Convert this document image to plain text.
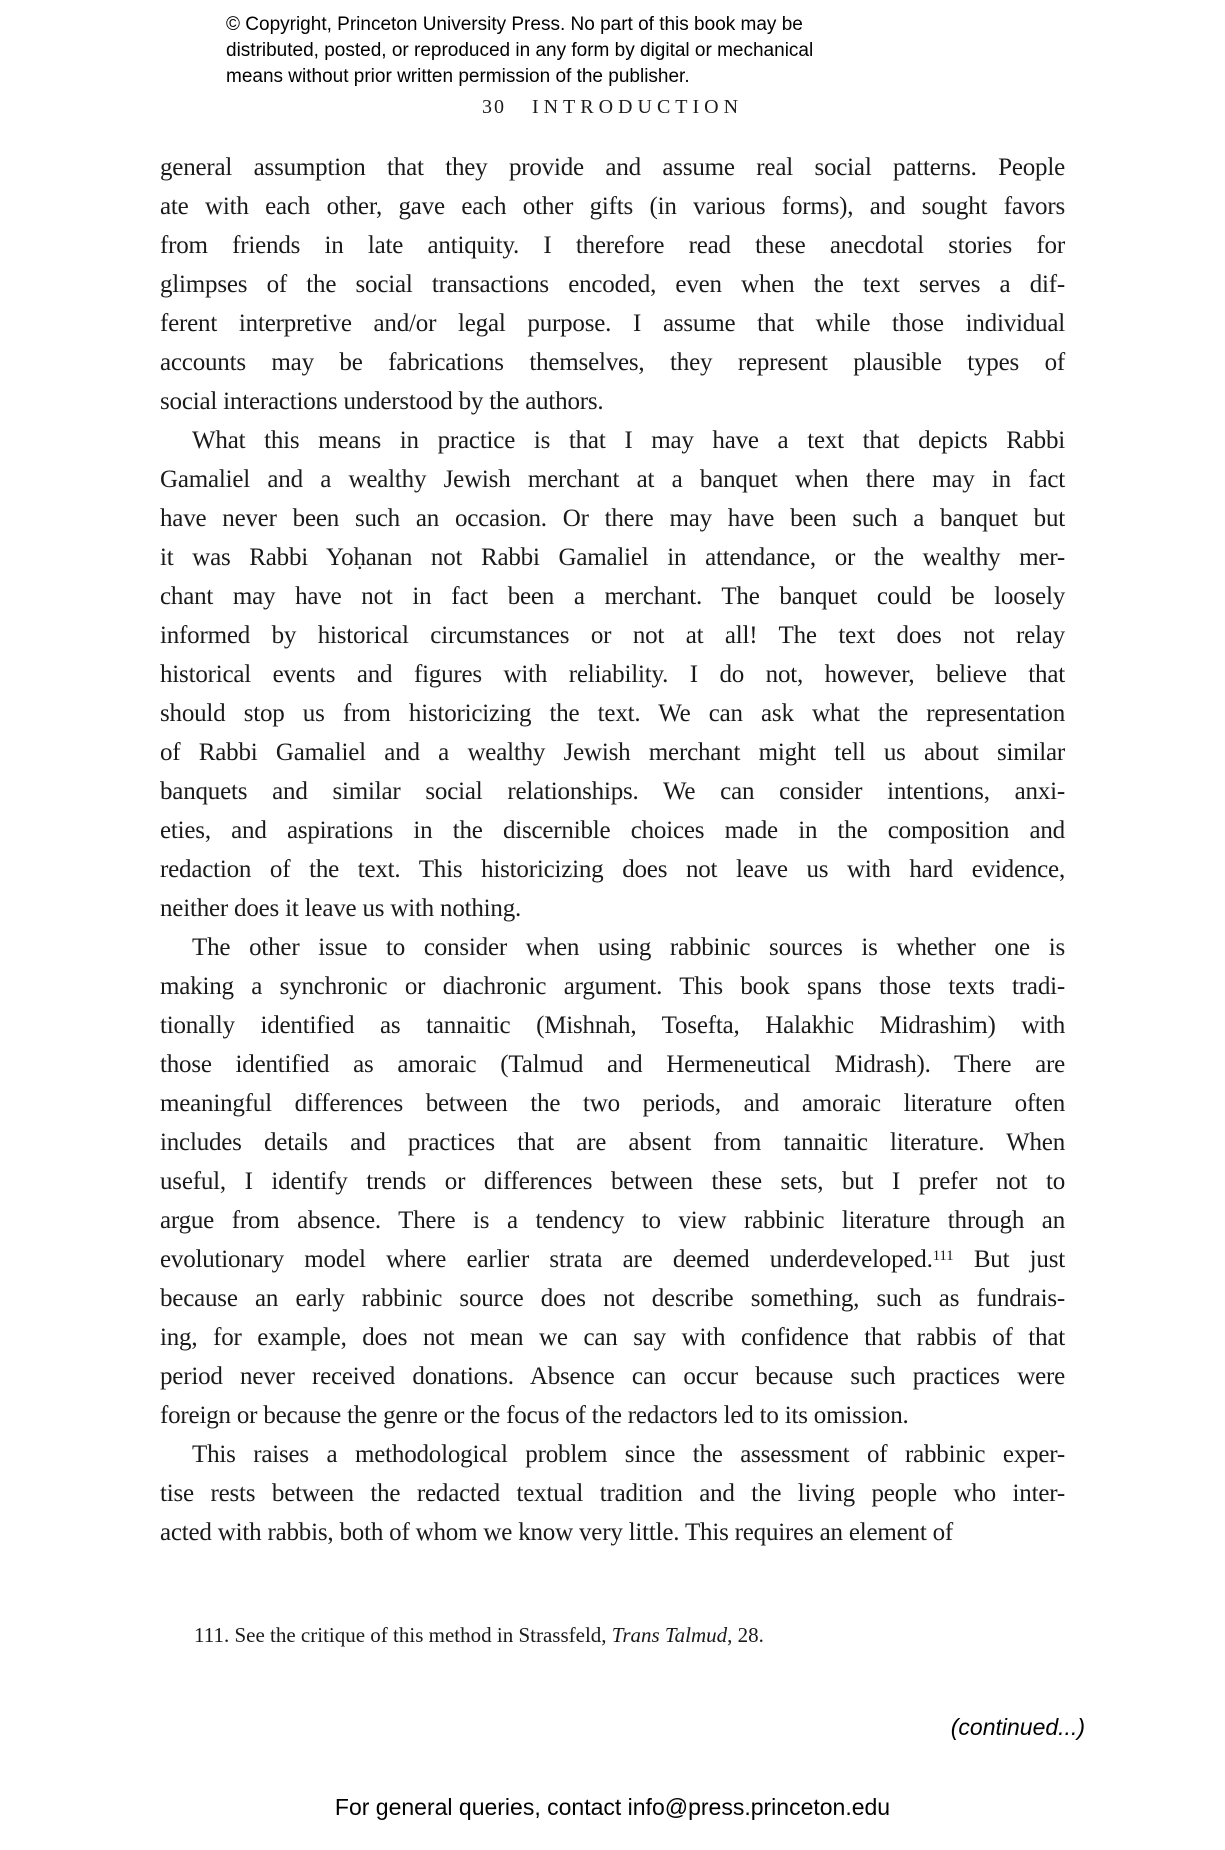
© Copyright, Princeton University Press. No part of this book may be
distributed, posted, or reproduced in any form by digital or mechanical
means without prior written permission of the publisher.
30 INTRODUCTION
general assumption that they provide and assume real social patterns. People
ate with each other, gave each other gifts (in various forms), and sought favors
from friends in late antiquity. I therefore read these anecdotal stories for
glimpses of the social transactions encoded, even when the text serves a dif-
ferent interpretive and/or legal purpose. I assume that while those individual
accounts may be fabrications themselves, they represent plausible types of
social interactions understood by the authors.
What this means in practice is that I may have a text that depicts Rabbi
Gamaliel and a wealthy Jewish merchant at a banquet when there may in fact
have never been such an occasion. Or there may have been such a banquet but
it was Rabbi Yoḥanan not Rabbi Gamaliel in attendance, or the wealthy mer-
chant may have not in fact been a merchant. The banquet could be loosely
informed by historical circumstances or not at all! The text does not relay
historical events and figures with reliability. I do not, however, believe that
should stop us from historicizing the text. We can ask what the representation
of Rabbi Gamaliel and a wealthy Jewish merchant might tell us about similar
banquets and similar social relationships. We can consider intentions, anxi-
eties, and aspirations in the discernible choices made in the composition and
redaction of the text. This historicizing does not leave us with hard evidence,
neither does it leave us with nothing.
The other issue to consider when using rabbinic sources is whether one is
making a synchronic or diachronic argument. This book spans those texts tradi-
tionally identified as tannaitic (Mishnah, Tosefta, Halakhic Midrashim) with
those identified as amoraic (Talmud and Hermeneutical Midrash). There are
meaningful differences between the two periods, and amoraic literature often
includes details and practices that are absent from tannaitic literature. When
useful, I identify trends or differences between these sets, but I prefer not to
argue from absence. There is a tendency to view rabbinic literature through an
evolutionary model where earlier strata are deemed underdeveloped.$^{111}$ But just
because an early rabbinic source does not describe something, such as fundrais-
ing, for example, does not mean we can say with confidence that rabbis of that
period never received donations. Absence can occur because such practices were
foreign or because the genre or the focus of the redactors led to its omission.
This raises a methodological problem since the assessment of rabbinic exper-
tise rests between the redacted textual tradition and the living people who inter-
acted with rabbis, both of whom we know very little. This requires an element of
111. See the critique of this method in Strassfeld, Trans Talmud, 28.
(continued...)
For general queries, contact info@press.princeton.edu
